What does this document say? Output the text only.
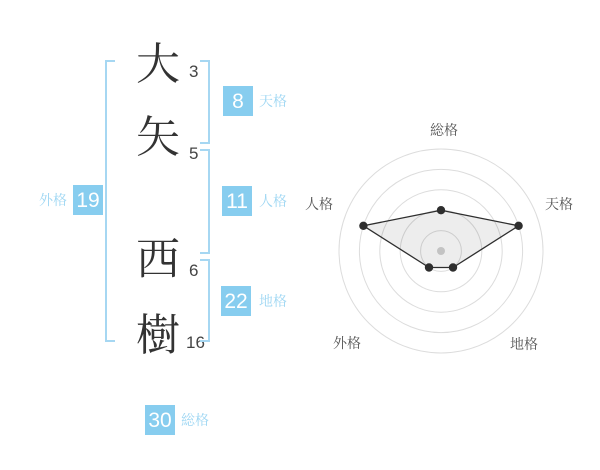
大
矢
西
樹
3
5
6
16
8	天格
11 人格
22 地格
外格 19
30 総格
総格
天格
地格
外格
人格
